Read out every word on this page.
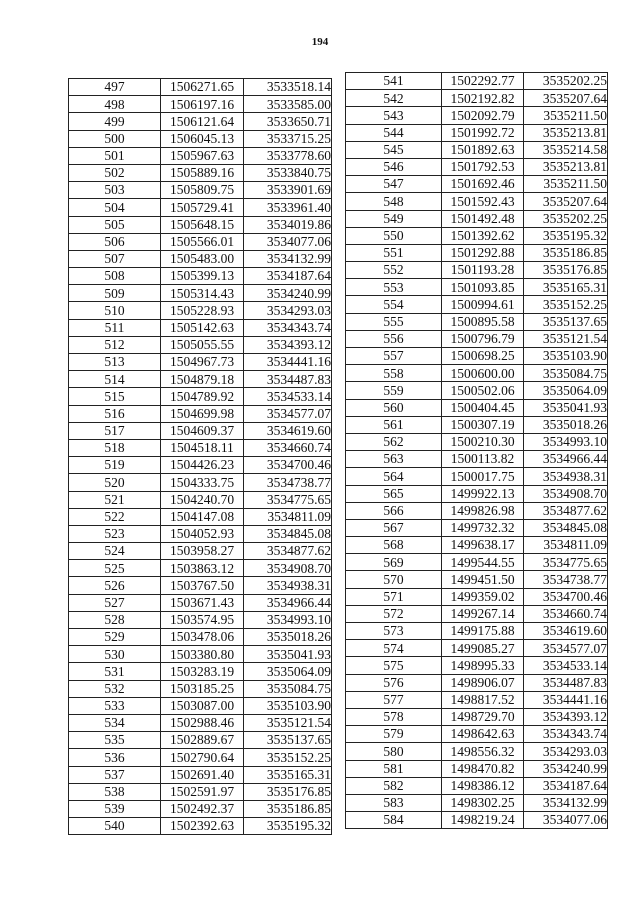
194
497	1506271.65	3533518.14
498	1506197.16	3533585.00
499	1506121.64	3533650.71
500	1506045.13	3533715.25
501	1505967.63	3533778.60
502	1505889.16	3533840.75
503	1505809.75	3533901.69
504	1505729.41	3533961.40
505	1505648.15	3534019.86
506	1505566.01	3534077.06
507	1505483.00	3534132.99
508	1505399.13	3534187.64
509	1505314.43	3534240.99
510	1505228.93	3534293.03
511	1505142.63	3534343.74
512	1505055.55	3534393.12
513	1504967.73	3534441.16
514	1504879.18	3534487.83
515	1504789.92	3534533.14
516	1504699.98	3534577.07
517	1504609.37	3534619.60
518	1504518.11	3534660.74
519	1504426.23	3534700.46
520	1504333.75	3534738.77
521	1504240.70	3534775.65
522	1504147.08	3534811.09
523	1504052.93	3534845.08
524	1503958.27	3534877.62
525	1503863.12	3534908.70
526	1503767.50	3534938.31
527	1503671.43	3534966.44
528	1503574.95	3534993.10
529	1503478.06	3535018.26
530	1503380.80	3535041.93
531	1503283.19	3535064.09
532	1503185.25	3535084.75
533	1503087.00	3535103.90
534	1502988.46	3535121.54
535	1502889.67	3535137.65
536	1502790.64	3535152.25
537	1502691.40	3535165.31
538	1502591.97	3535176.85
539	1502492.37	3535186.85
540	1502392.63	3535195.32
541	1502292.77	3535202.25
542	1502192.82	3535207.64
543	1502092.79	3535211.50
544	1501992.72	3535213.81
545	1501892.63	3535214.58
546	1501792.53	3535213.81
547	1501692.46	3535211.50
548	1501592.43	3535207.64
549	1501492.48	3535202.25
550	1501392.62	3535195.32
551	1501292.88	3535186.85
552	1501193.28	3535176.85
553	1501093.85	3535165.31
554	1500994.61	3535152.25
555	1500895.58	3535137.65
556	1500796.79	3535121.54
557	1500698.25	3535103.90
558	1500600.00	3535084.75
559	1500502.06	3535064.09
560	1500404.45	3535041.93
561	1500307.19	3535018.26
562	1500210.30	3534993.10
563	1500113.82	3534966.44
564	1500017.75	3534938.31
565	1499922.13	3534908.70
566	1499826.98	3534877.62
567	1499732.32	3534845.08
568	1499638.17	3534811.09
569	1499544.55	3534775.65
570	1499451.50	3534738.77
571	1499359.02	3534700.46
572	1499267.14	3534660.74
573	1499175.88	3534619.60
574	1499085.27	3534577.07
575	1498995.33	3534533.14
576	1498906.07	3534487.83
577	1498817.52	3534441.16
578	1498729.70	3534393.12
579	1498642.63	3534343.74
580	1498556.32	3534293.03
581	1498470.82	3534240.99
582	1498386.12	3534187.64
583	1498302.25	3534132.99
584	1498219.24	3534077.06
